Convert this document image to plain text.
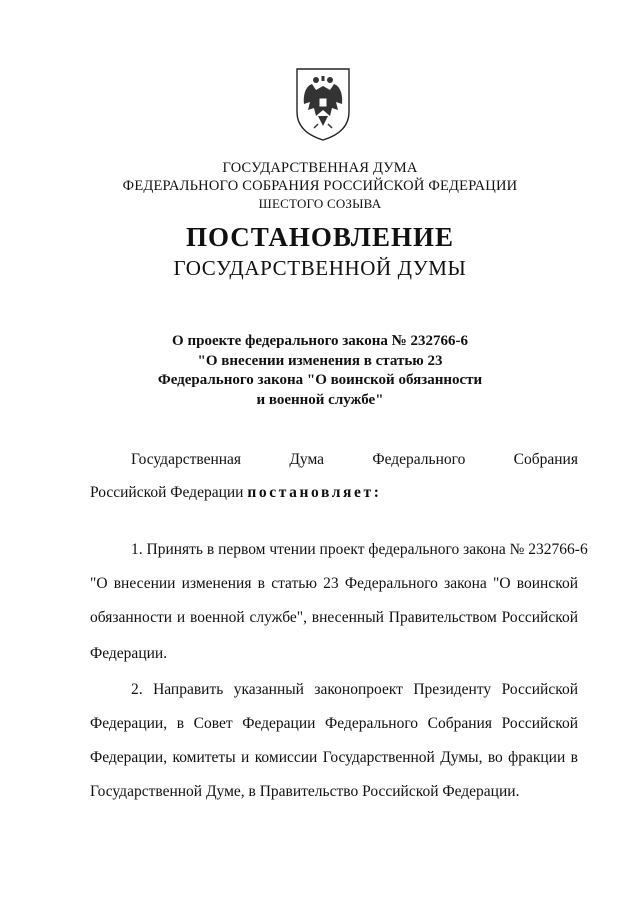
ГОСУДАРСТВЕННАЯ ДУМА
ФЕДЕРАЛЬНОГО СОБРАНИЯ РОССИЙСКОЙ ФЕДЕРАЦИИ
ШЕСТОГО СОЗЫВА
ПОСТАНОВЛЕНИЕ
ГОСУДАРСТВЕННОЙ ДУМЫ
О проекте федерального закона № 232766-6
"О внесении изменения в статью 23
Федерального закона "О воинской обязанности
и военной службе"
Государственная	Дума	Федерального	Собрания
Российской Федерации постановляет:
1. Принять в первом чтении проект федерального закона № 232766-6
"О внесении изменения в статью 23 Федерального закона "О воинской
обязанности и военной службе", внесенный Правительством Российской
Федерации.
2. Направить указанный законопроект Президенту Российской
Федерации, в Совет Федерации Федерального Собрания Российской
Федерации, комитеты и комиссии Государственной Думы, во фракции в
Государственной Думе, в Правительство Российской Федерации.
